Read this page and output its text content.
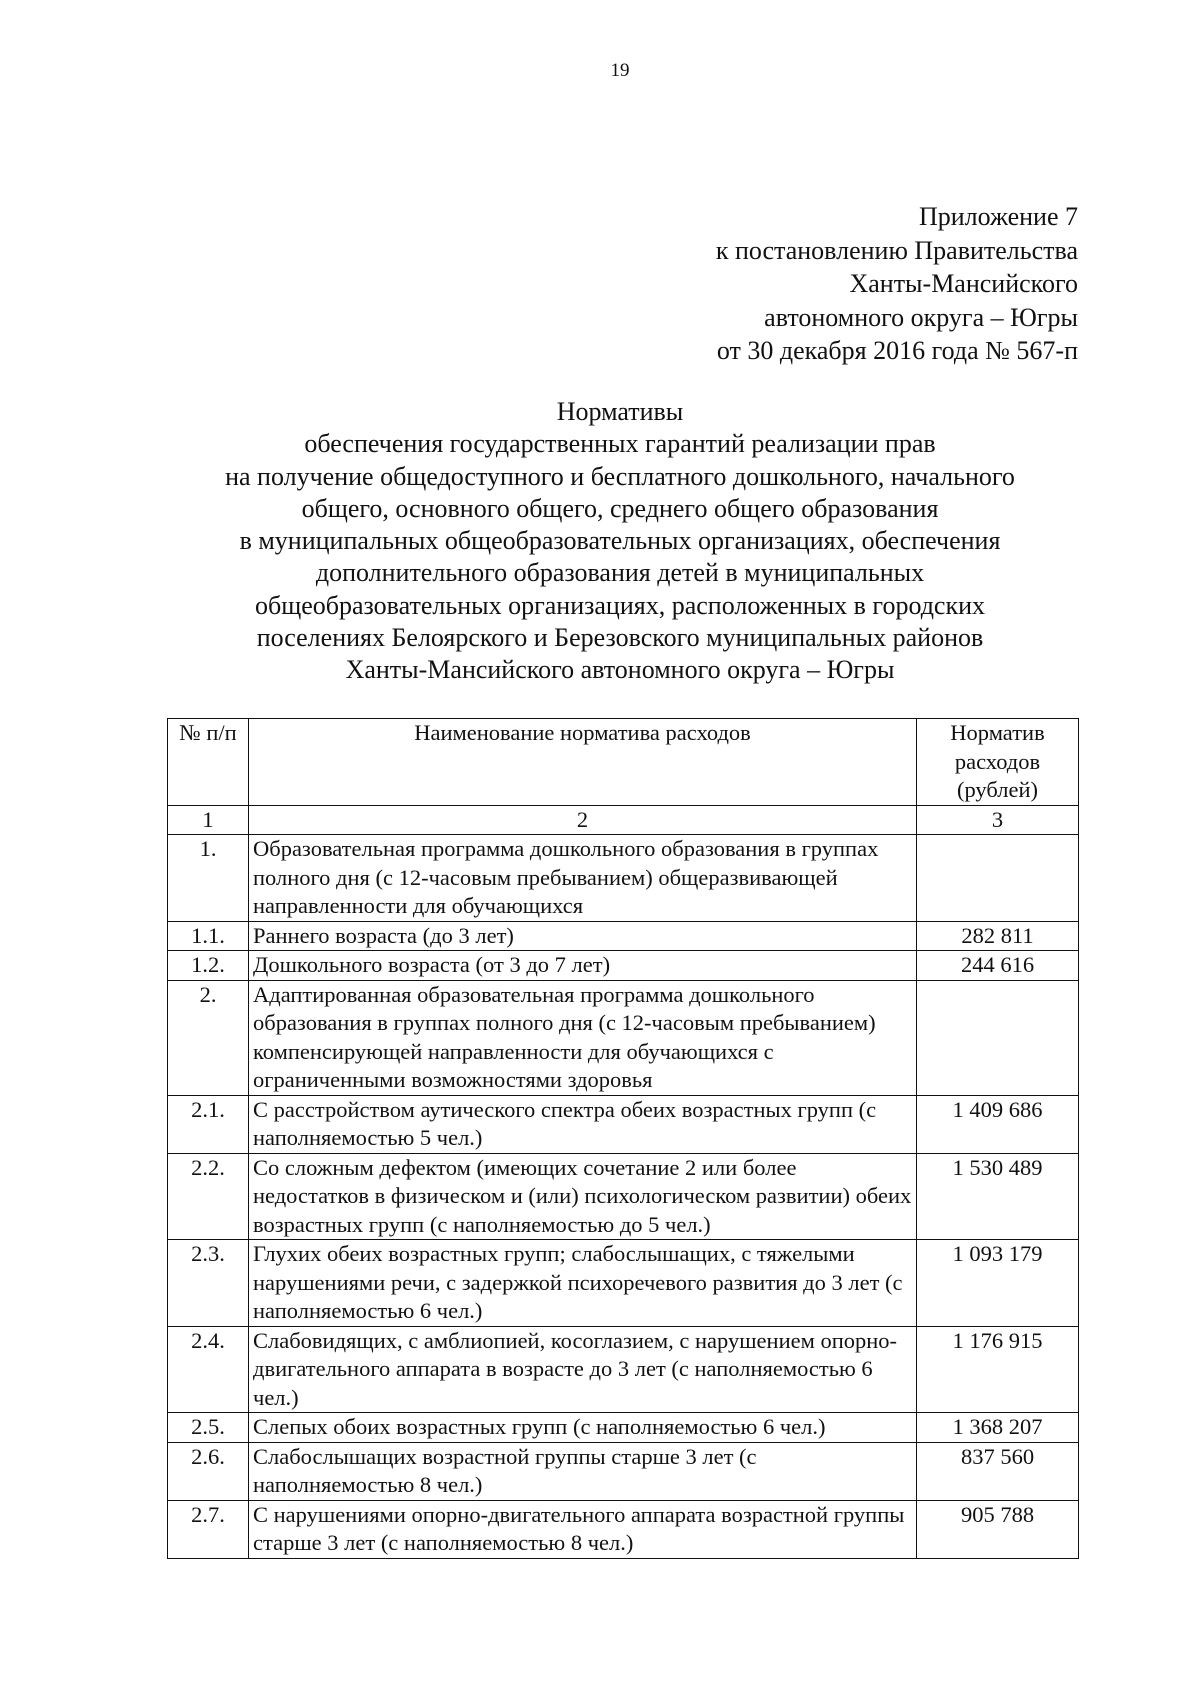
19
Приложение 7
к постановлению Правительства
Ханты-Мансийского
автономного округа – Югры
от 30 декабря 2016 года № 567-п
Нормативы
обеспечения государственных гарантий реализации прав
на получение общедоступного и бесплатного дошкольного, начального
общего, основного общего, среднего общего образования
в муниципальных общеобразовательных организациях, обеспечения
дополнительного образования детей в муниципальных
общеобразовательных организациях, расположенных в городских
поселениях Белоярского и Березовского муниципальных районов
Ханты-Мансийского автономного округа – Югры
№ п/п	Наименование норматива расходов	Норматив расходов (рублей)
1	2	3
1.	Образовательная программа дошкольного образования в группах полного дня (с 12-часовым пребыванием) общеразвивающей направленности для обучающихся	
1.1.	Раннего возраста (до 3 лет)	282 811
1.2.	Дошкольного возраста (от 3 до 7 лет)	244 616
2.	Адаптированная образовательная программа дошкольного образования в группах полного дня (с 12-часовым пребыванием) компенсирующей направленности для обучающихся с ограниченными возможностями здоровья	
2.1.	С расстройством аутического спектра обеих возрастных групп (с наполняемостью 5 чел.)	1 409 686
2.2.	Со сложным дефектом (имеющих сочетание 2 или более недостатков в физическом и (или) психологическом развитии) обеих возрастных групп (с наполняемостью до 5 чел.)	1 530 489
2.3.	Глухих обеих возрастных групп; слабослышащих, с тяжелыми нарушениями речи, с задержкой психоречевого развития до 3 лет (с наполняемостью 6 чел.)	1 093 179
2.4.	Слабовидящих, с амблиопией, косоглазием, с нарушением опорно-двигательного аппарата в возрасте до 3 лет (с наполняемостью 6 чел.)	1 176 915
2.5.	Слепых обоих возрастных групп (с наполняемостью 6 чел.)	1 368 207
2.6.	Слабослышащих возрастной группы старше 3 лет (с наполняемостью 8 чел.)	837 560
2.7.	С нарушениями опорно-двигательного аппарата возрастной группы старше 3 лет (с наполняемостью 8 чел.)	905 788
